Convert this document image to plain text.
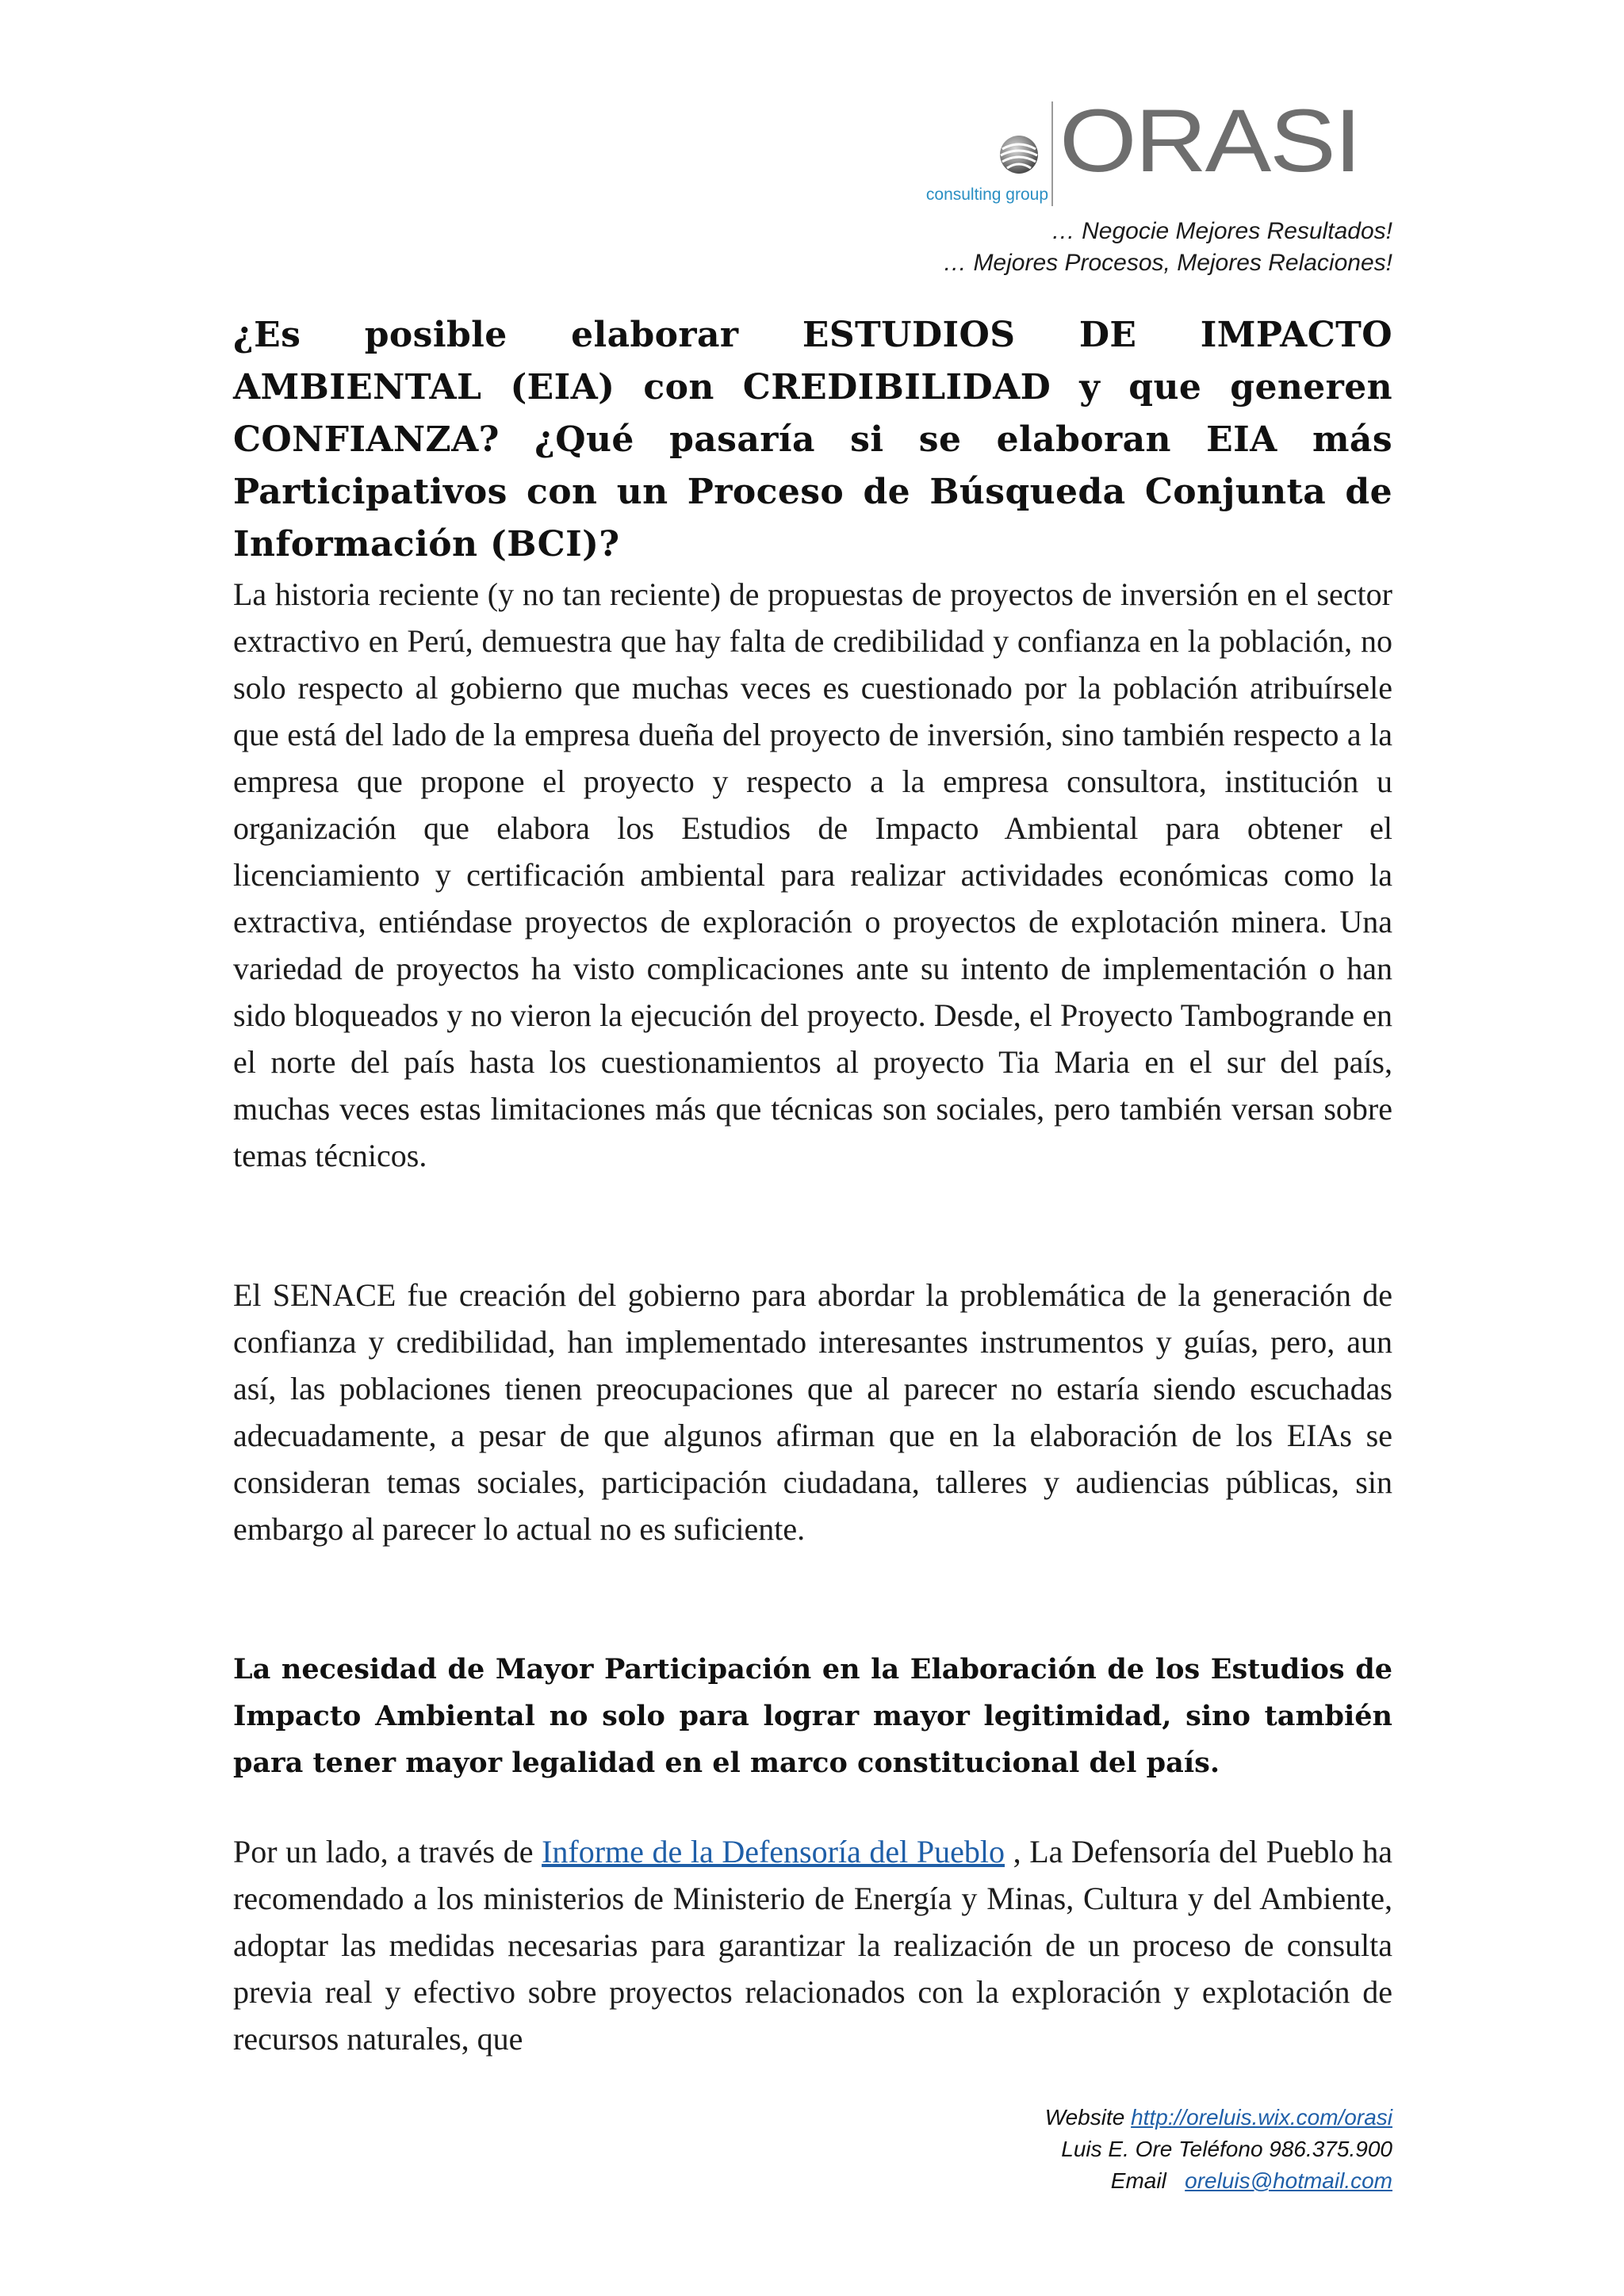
consulting group
ORASI
… Negocie Mejores Resultados!
… Mejores Procesos, Mejores Relaciones!
¿Es posible elaborar ESTUDIOS DE IMPACTO AMBIENTAL (EIA) con CREDIBILIDAD y que generen CONFIANZA? ¿Qué pasaría si se elaboran EIA más Participativos con un Proceso de Búsqueda Conjunta de Información (BCI)?

La historia reciente (y no tan reciente) de propuestas de proyectos de inversión en el sector extractivo en Perú, demuestra que hay falta de credibilidad y confianza en la población, no solo respecto al gobierno que muchas veces es cuestionado por la población atribuírsele que está del lado de la empresa dueña del proyecto de inversión, sino también respecto a la empresa que propone el proyecto y respecto a la empresa consultora, institución u organización que elabora los Estudios de Impacto Ambiental para obtener el licenciamiento y certificación ambiental para realizar actividades económicas como la extractiva, entiéndase proyectos de exploración o proyectos de explotación minera. Una variedad de proyectos ha visto complicaciones ante su intento de implementación o han sido bloqueados y no vieron la ejecución del proyecto. Desde, el Proyecto Tambogrande en el norte del país hasta los cuestionamientos al proyecto Tia Maria en el sur del país, muchas veces estas limitaciones más que técnicas son sociales, pero también versan sobre temas técnicos.

El SENACE fue creación del gobierno para abordar la problemática de la generación de confianza y credibilidad, han implementado interesantes instrumentos y guías, pero, aun así, las poblaciones tienen preocupaciones que al parecer no estaría siendo escuchadas adecuadamente, a pesar de que algunos afirman que en la elaboración de los EIAs se consideran temas sociales, participación ciudadana, talleres y audiencias públicas, sin embargo al parecer lo actual no es suficiente.

La necesidad de Mayor Participación en la Elaboración de los Estudios de Impacto Ambiental no solo para lograr mayor legitimidad, sino también para tener mayor legalidad en el marco constitucional del país.

Por un lado, a través de Informe de la Defensoría del Pueblo , La Defensoría del Pueblo ha recomendado a los ministerios de Ministerio de Energía y Minas, Cultura y del Ambiente, adoptar las medidas necesarias para garantizar la realización de un proceso de consulta previa real y efectivo sobre proyectos relacionados con la exploración y explotación de recursos naturales, que

Website http://oreluis.wix.com/orasi
Luis E. Ore Teléfono 986.375.900
Email oreluis@hotmail.com
